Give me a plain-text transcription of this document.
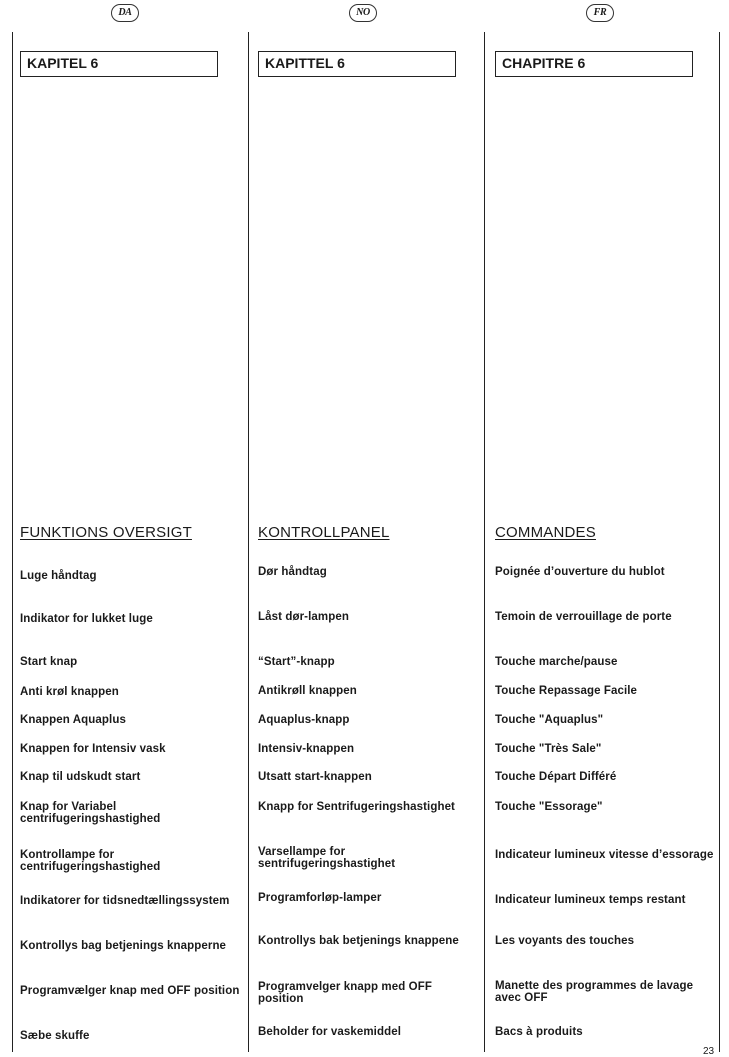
DA
KAPITEL 6
FUNKTIONS OVERSIGT
Luge håndtag
Indikator for lukket luge
Start knap
Anti krøl knappen
Knappen Aquaplus
Knappen for Intensiv vask
Knap til udskudt start
Knap for Variabel centrifugeringshastighed
Kontrollampe for centrifugeringshastighed
Indikatorer for tidsnedtællingssystem
Kontrollys bag betjenings knapperne
Programvælger knap med OFF position
Sæbe skuffe
NO
KAPITTEL 6
KONTROLLPANEL
Dør håndtag
Låst dør-lampen
“Start”-knapp
Antikrøll knappen
Aquaplus-knapp
Intensiv-knappen
Utsatt start-knappen
Knapp for Sentrifugeringshastighet
Varsellampe for sentrifugeringshastighet
Programforløp-lamper
Kontrollys bak betjenings knappene
Programvelger knapp med OFF position
Beholder for vaskemiddel
FR
CHAPITRE 6
COMMANDES
Poignée d’ouverture du hublot
Temoin de verrouillage de porte
Touche marche/pause
Touche Repassage Facile
Touche "Aquaplus"
Touche "Très Sale"
Touche Départ Différé
Touche "Essorage"
Indicateur lumineux vitesse d’essorage
Indicateur lumineux temps restant
Les voyants des touches
Manette des programmes de lavage avec OFF
Bacs à produits
23
